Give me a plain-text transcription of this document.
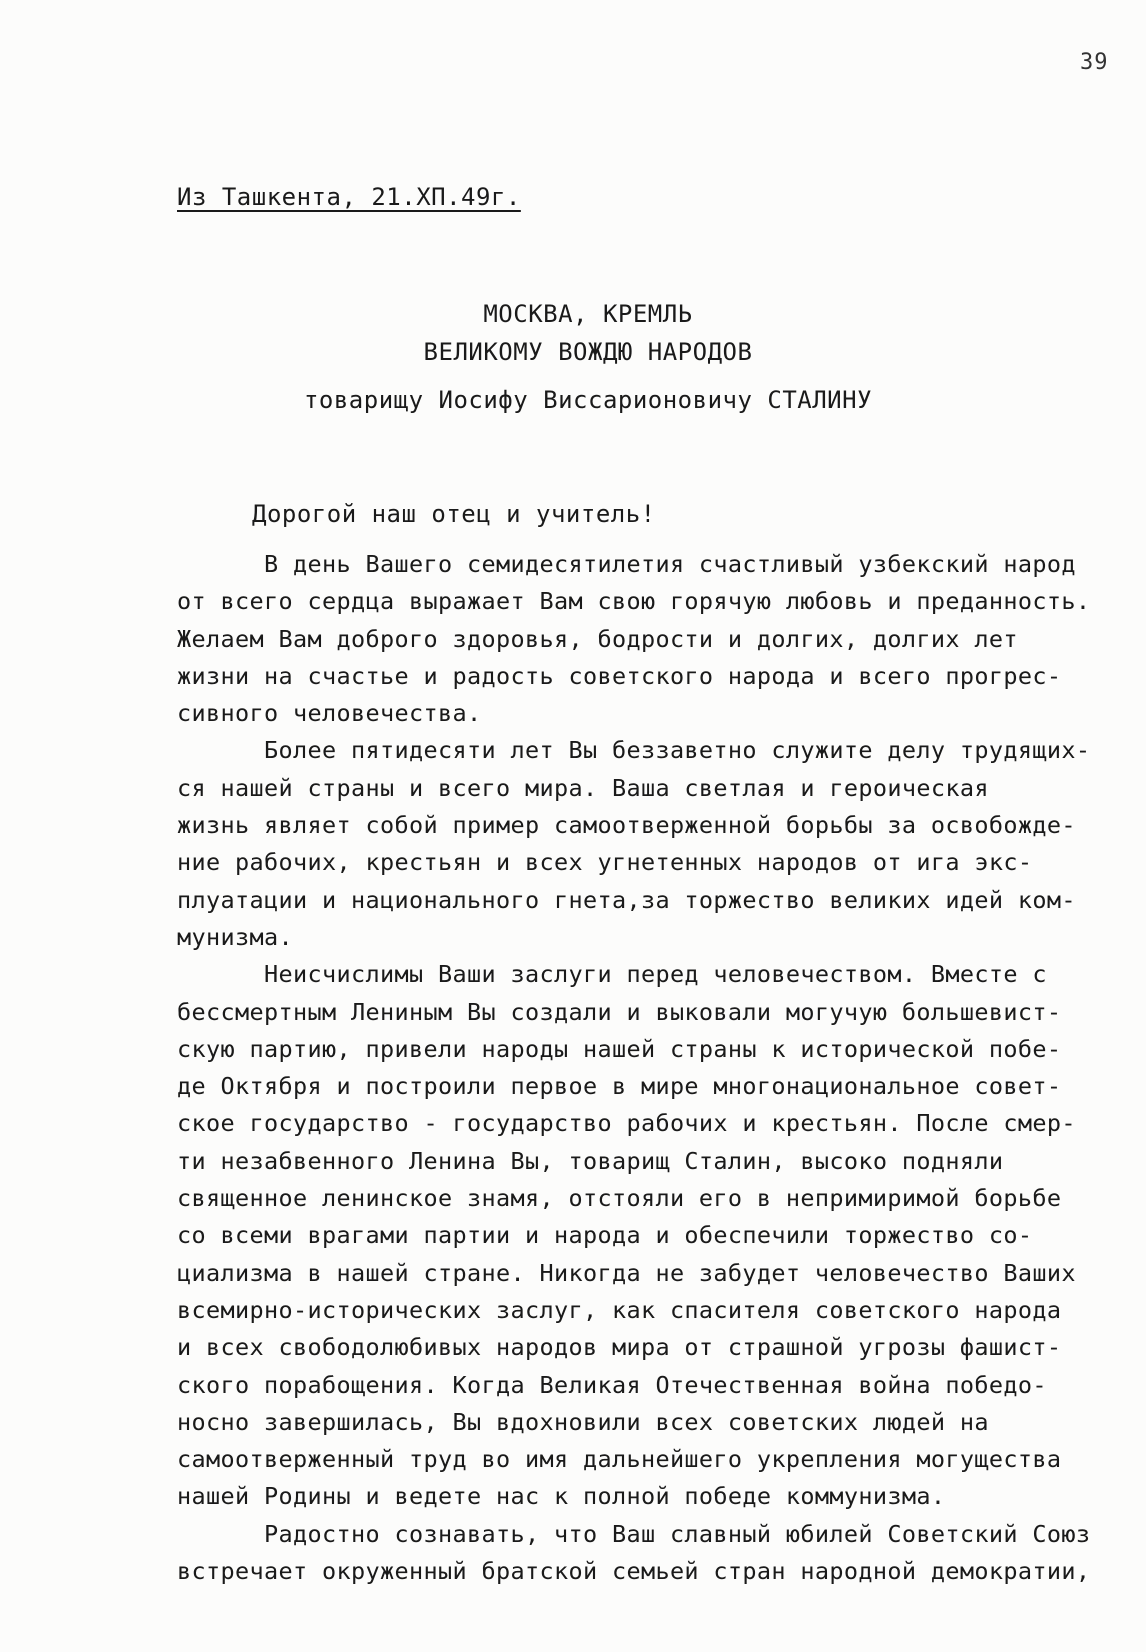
39
Из Ташкента, 21.ХП.49г.
МОСКВА, КРЕМЛЬ
ВЕЛИКОМУ ВОЖДЮ НАРОДОВ
товарищу Иосифу Виссарионовичу СТАЛИНУ
Дорогой наш отец и учитель!
В день Вашего семидесятилетия счастливый узбекский народ
от всего сердца выражает Вам свою горячую любовь и преданность.
Желаем Вам доброго здоровья, бодрости и долгих, долгих лет
жизни на счастье и радость советского народа и всего прогрес-
сивного человечества.
Более пятидесяти лет Вы беззаветно служите делу трудящих-
ся нашей страны и всего мира. Ваша светлая и героическая
жизнь являет собой пример самоотверженной борьбы за освобожде-
ние рабочих, крестьян и всех угнетенных народов от ига экс-
плуатации и национального гнета,за торжество великих идей ком-
мунизма.
Неисчислимы Ваши заслуги перед человечеством. Вместе с
бессмертным Лениным Вы создали и выковали могучую большевист-
скую партию, привели народы нашей страны к исторической побе-
де Октября и построили первое в мире многонациональное совет-
ское государство - государство рабочих и крестьян. После смер-
ти незабвенного Ленина Вы, товарищ Сталин, высоко подняли
священное ленинское знамя, отстояли его в непримиримой борьбе
со всеми врагами партии и народа и обеспечили торжество со-
циализма в нашей стране. Никогда не забудет человечество Ваших
всемирно-исторических заслуг, как спасителя советского народа
и всех свободолюбивых народов мира от страшной угрозы фашист-
ского порабощения. Когда Великая Отечественная война победо-
носно завершилась, Вы вдохновили всех советских людей на
самоотверженный труд во имя дальнейшего укрепления могущества
нашей Родины и ведете нас к полной победе коммунизма.
Радостно сознавать, что Ваш славный юбилей Советский Союз
встречает окруженный братской семьей стран народной демократии,
